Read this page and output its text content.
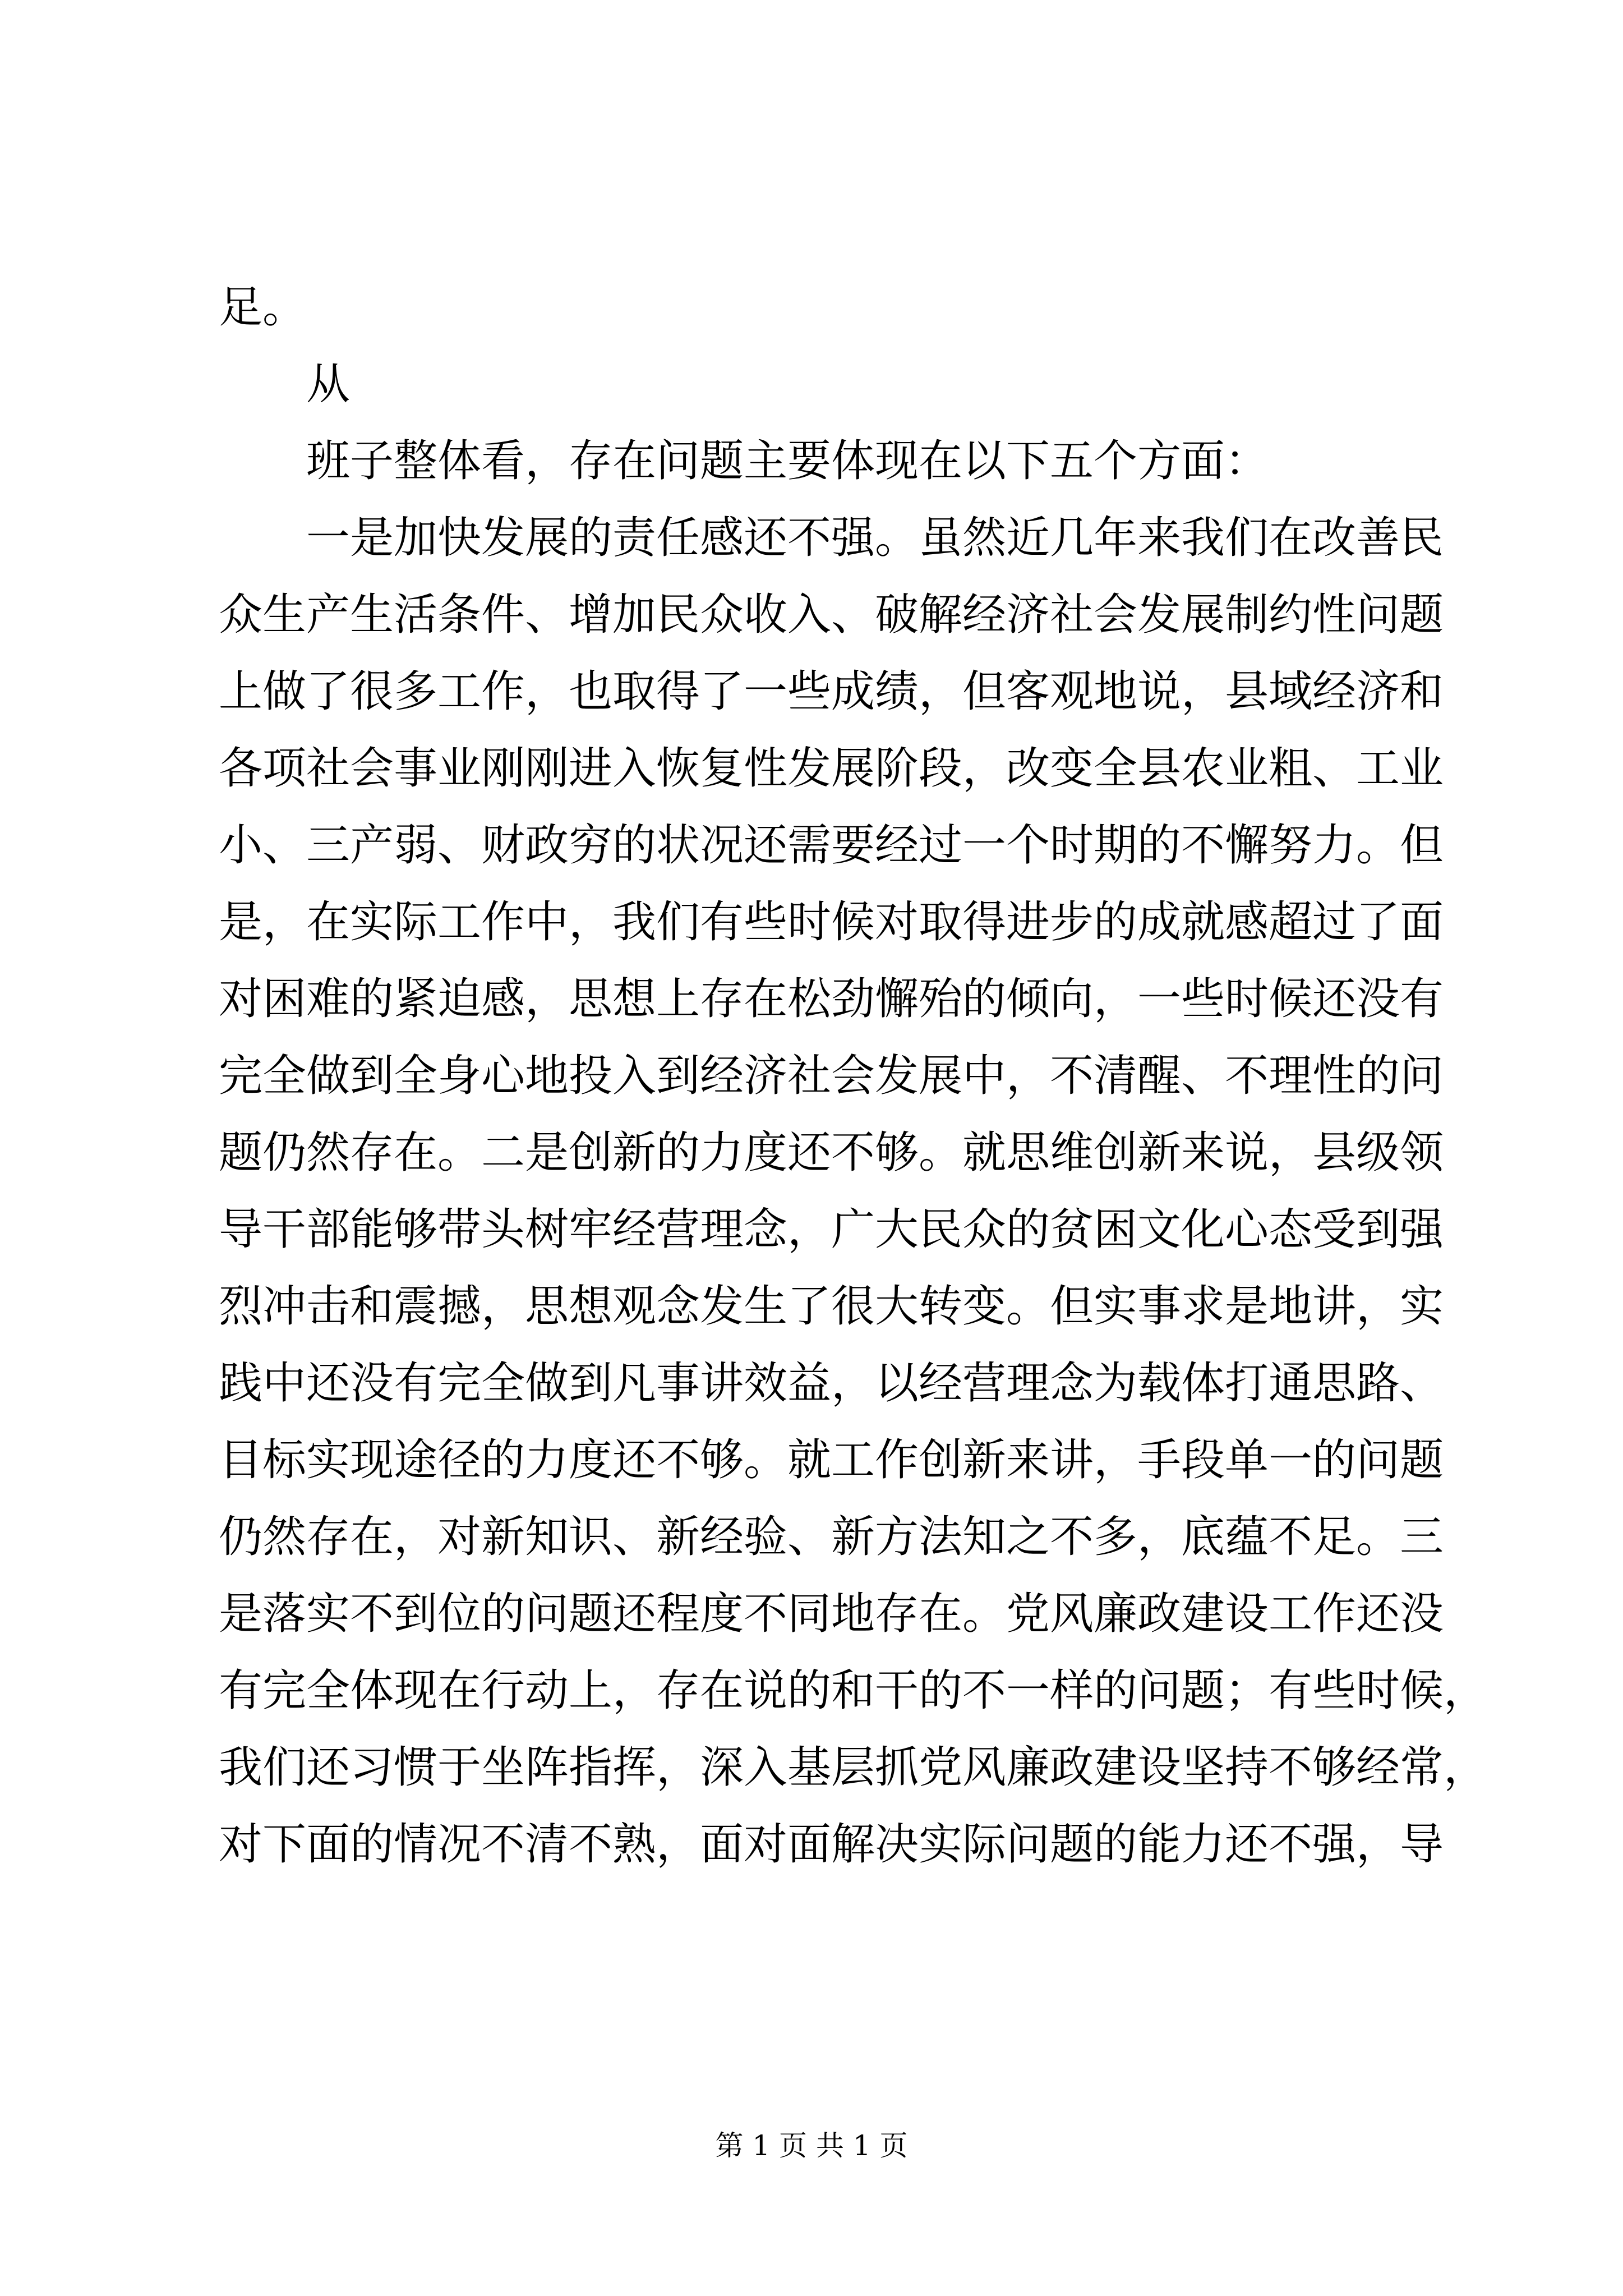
足。
从
班子整体看，存在问题主要体现在以下五个方面：
一是加快发展的责任感还不强。虽然近几年来我们在改善民
众生产生活条件、增加民众收入、破解经济社会发展制约性问题
上做了很多工作，也取得了一些成绩，但客观地说，县域经济和
各项社会事业刚刚进入恢复性发展阶段，改变全县农业粗、工业
小、三产弱、财政穷的状况还需要经过一个时期的不懈努力。但
是，在实际工作中，我们有些时候对取得进步的成就感超过了面
对困难的紧迫感，思想上存在松劲懈殆的倾向，一些时候还没有
完全做到全身心地投入到经济社会发展中，不清醒、不理性的问
题仍然存在。二是创新的力度还不够。就思维创新来说，县级领
导干部能够带头树牢经营理念，广大民众的贫困文化心态受到强
烈冲击和震撼，思想观念发生了很大转变。但实事求是地讲，实
践中还没有完全做到凡事讲效益，以经营理念为载体打通思路、
目标实现途径的力度还不够。就工作创新来讲，手段单一的问题
仍然存在，对新知识、新经验、新方法知之不多，底蕴不足。三
是落实不到位的问题还程度不同地存在。党风廉政建设工作还没
有完全体现在行动上，存在说的和干的不一样的问题；有些时候，
我们还习惯于坐阵指挥，深入基层抓党风廉政建设坚持不够经常，
对下面的情况不清不熟，面对面解决实际问题的能力还不强，导
第 1 页 共 1 页
